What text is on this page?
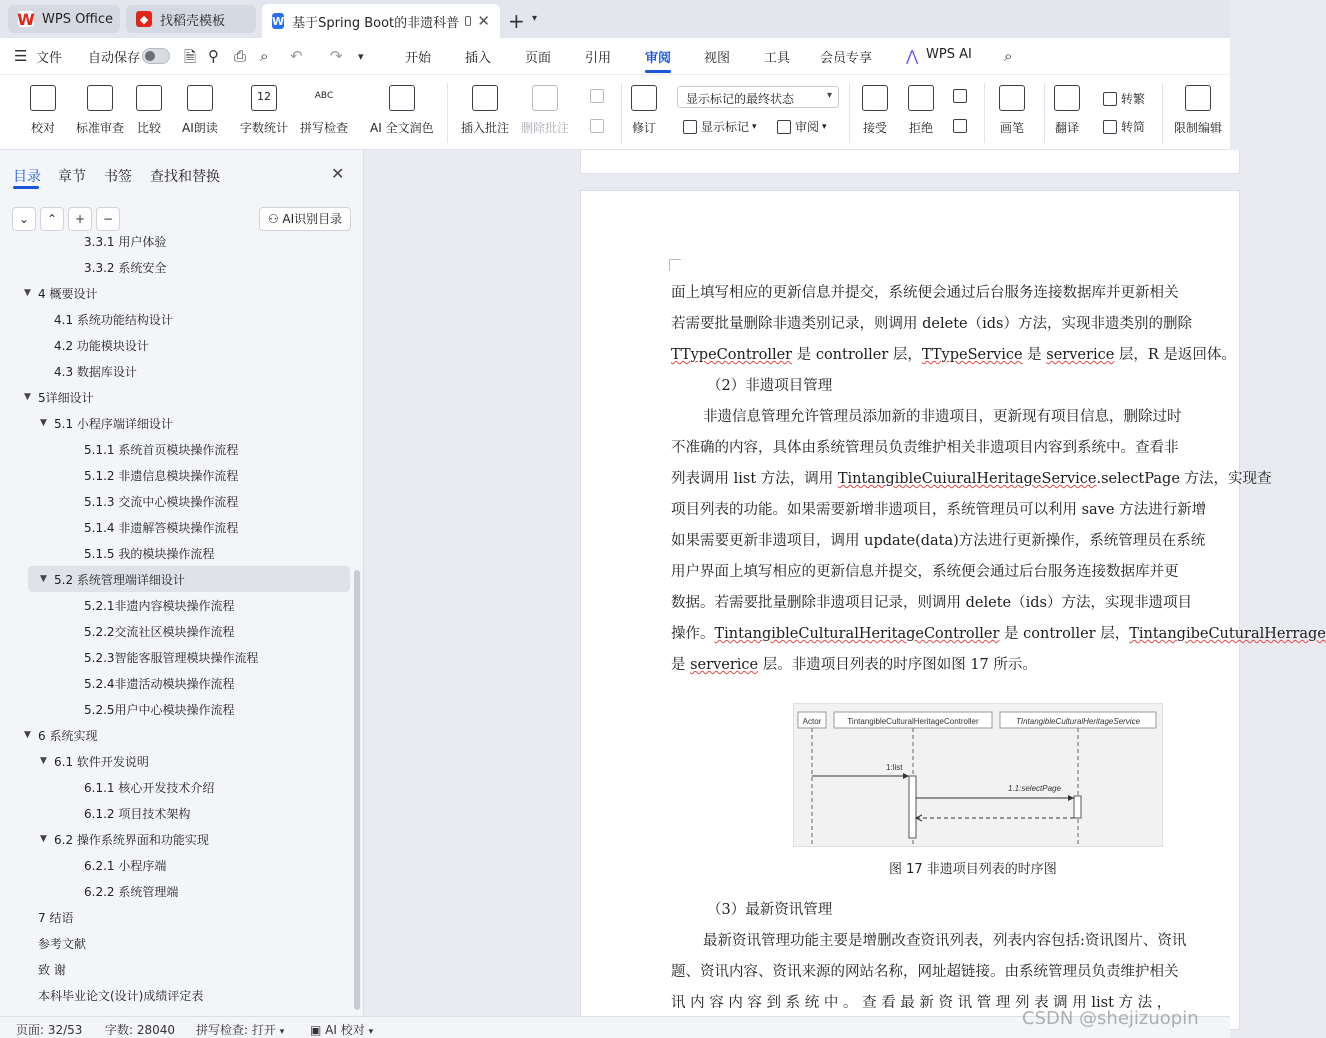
W WPS Office	◆ 找稻壳模板	W 基于Spring Boot的非遗科普 ✕ + ▾
☰ 文件 自动保存	🗎 ⚲ ⎙ ⌕ ↶ ↷ ▾	开始	插入	页面	引用	审阅	视图	工具 会员专享 ⋀ WPS AI ⌕
校对 标准审查 比较 AI朗读
12
字数统计
ABC
拼写检查 AI 全文润色 插入批注 删除批注	修订
显示标记的最终状态	▾
显示标记 ▾	审阅 ▾	接受 拒绝	画笔	翻译
转繁
转简 限制编辑
目录 章节 书签 查找和替换	✕
⌄	⌃	+	−	⚇ AI识别目录
3.3.1 用户体验
3.3.2 系统安全
▼ 4 概要设计
4.1 系统功能结构设计
4.2 功能模块设计
4.3 数据库设计
▼ 5详细设计
▼ 5.1 小程序端详细设计
5.1.1 系统首页模块操作流程
5.1.2 非遗信息模块操作流程
5.1.3 交流中心模块操作流程
5.1.4 非遗解答模块操作流程
5.1.5 我的模块操作流程
▼ 5.2 系统管理端详细设计
5.2.1非遗内容模块操作流程
5.2.2交流社区模块操作流程
5.2.3智能客服管理模块操作流程
5.2.4非遗活动模块操作流程
5.2.5用户中心模块操作流程
▼ 6 系统实现
▼ 6.1 软件开发说明
6.1.1 核心开发技术介绍
6.1.2 项目技术架构
▼ 6.2 操作系统界面和功能实现
6.2.1 小程序端
6.2.2 系统管理端
7 结语
参考文献
致 谢
本科毕业论文(设计)成绩评定表
Actor	TintangibleCulturalHeritageController	TIntangibleCulturalHeritageService
1:list
1.1:selectPage
图 17 非遗项目列表的时序图
面上填写相应的更新信息并提交，系统便会通过后台服务连接数据库并更新相关
若需要批量删除非遗类别记录，则调用 delete（ids）方法，实现非遗类别的删除
TTypeController 是 controller 层，TTypeService 是 serverice 层，R 是返回体。
（2）非遗项目管理
非遗信息管理允许管理员添加新的非遗项目，更新现有项目信息，删除过时
不准确的内容，具体由系统管理员负责维护相关非遗项目内容到系统中。查看非
列表调用 list 方法，调用 TintangibleCuiuralHeritageService.selectPage 方法，实现查
项目列表的功能。如果需要新增非遗项目，系统管理员可以利用 save 方法进行新增
如果需要更新非遗项目，调用 update(data)方法进行更新操作，系统管理员在系统
用户界面上填写相应的更新信息并提交，系统便会通过后台服务连接数据库并更
数据。若需要批量删除非遗项目记录，则调用 delete（ids）方法，实现非遗项目
操作。TintangibleCulturalHeritageController 是 controller 层，TintangibeCuturalHerrage
是 serverice 层。非遗项目列表的时序图如图 17 所示。
（3）最新资讯管理
最新资讯管理功能主要是增删改查资讯列表，列表内容包括:资讯图片、资讯
题、资讯内容、资讯来源的网站名称，网址超链接。由系统管理员负责维护相关
讯 内 容 内 容 到 系 统 中 。 查 看 最 新 资 讯 管 理 列 表 调 用 list 方 法 ，
页面: 32/53 字数: 28040 拼写检查: 打开 ▾ ▣ AI 校对 ▾
CSDN @shejizuopin
